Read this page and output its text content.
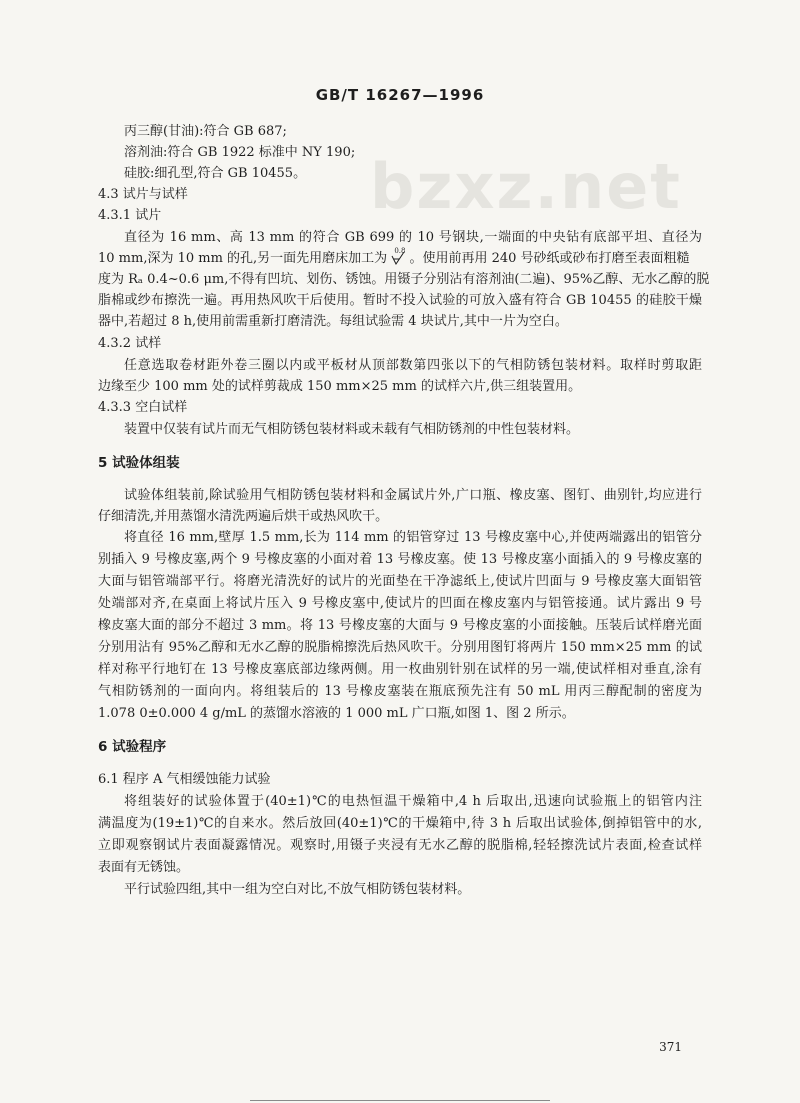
bzxz.net
GB/T 16267—1996
丙三醇(甘油):符合 GB 687;
溶剂油:符合 GB 1922 标准中 NY 190;
硅胶:细孔型,符合 GB 10455。
4.3 试片与试样
4.3.1 试片
直径为 16 mm、高 13 mm 的符合 GB 699 的 10 号钢块,一端面的中央钻有底部平坦、直径为
10 mm,深为 10 mm 的孔,另一面先用磨床加工为 0.8 。使用前再用 240 号砂纸或砂布打磨至表面粗糙
度为 Rₐ 0.4~0.6 μm,不得有凹坑、划伤、锈蚀。用镊子分别沾有溶剂油(二遍)、95%乙醇、无水乙醇的脱
脂棉或纱布擦洗一遍。再用热风吹干后使用。暂时不投入试验的可放入盛有符合 GB 10455 的硅胶干燥
器中,若超过 8 h,使用前需重新打磨清洗。每组试验需 4 块试片,其中一片为空白。
4.3.2 试样
任意选取卷材距外卷三圈以内或平板材从顶部数第四张以下的气相防锈包装材料。取样时剪取距
边缘至少 100 mm 处的试样剪裁成 150 mm×25 mm 的试样六片,供三组装置用。
4.3.3 空白试样
装置中仅装有试片而无气相防锈包装材料或未载有气相防锈剂的中性包装材料。
5 试验体组装
试验体组装前,除试验用气相防锈包装材料和金属试片外,广口瓶、橡皮塞、图钉、曲别针,均应进行
仔细清洗,并用蒸馏水清洗两遍后烘干或热风吹干。
将直径 16 mm,壁厚 1.5 mm,长为 114 mm 的铝管穿过 13 号橡皮塞中心,并使两端露出的铝管分
别插入 9 号橡皮塞,两个 9 号橡皮塞的小面对着 13 号橡皮塞。使 13 号橡皮塞小面插入的 9 号橡皮塞的
大面与铝管端部平行。将磨光清洗好的试片的光面垫在干净滤纸上,使试片凹面与 9 号橡皮塞大面铝管
处端部对齐,在桌面上将试片压入 9 号橡皮塞中,使试片的凹面在橡皮塞内与铝管接通。试片露出 9 号
橡皮塞大面的部分不超过 3 mm。将 13 号橡皮塞的大面与 9 号橡皮塞的小面接触。压装后试样磨光面
分别用沾有 95%乙醇和无水乙醇的脱脂棉擦洗后热风吹干。分别用图钉将两片 150 mm×25 mm 的试
样对称平行地钉在 13 号橡皮塞底部边缘两侧。用一枚曲别针别在试样的另一端,使试样相对垂直,涂有
气相防锈剂的一面向内。将组装后的 13 号橡皮塞装在瓶底预先注有 50 mL 用丙三醇配制的密度为
1.078 0±0.000 4 g/mL 的蒸馏水溶液的 1 000 mL 广口瓶,如图 1、图 2 所示。
6 试验程序
6.1 程序 A 气相缓蚀能力试验
将组装好的试验体置于(40±1)℃的电热恒温干燥箱中,4 h 后取出,迅速向试验瓶上的铝管内注
满温度为(19±1)℃的自来水。然后放回(40±1)℃的干燥箱中,待 3 h 后取出试验体,倒掉铝管中的水,
立即观察钢试片表面凝露情况。观察时,用镊子夹浸有无水乙醇的脱脂棉,轻轻擦洗试片表面,检查试样
表面有无锈蚀。
平行试验四组,其中一组为空白对比,不放气相防锈包装材料。
371
